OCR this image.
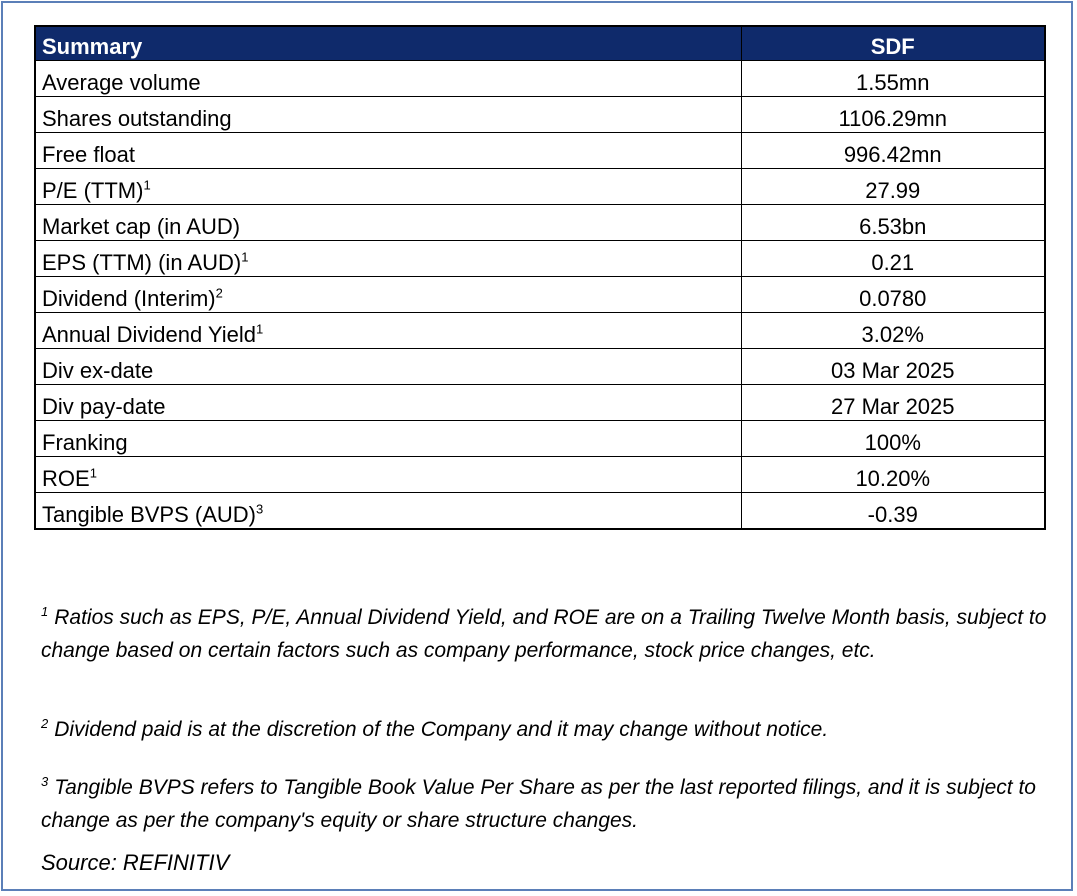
Summary	SDF
Average volume	1.55mn
Shares outstanding	1106.29mn
Free float	996.42mn
P/E (TTM)$^1$	27.99
Market cap (in AUD)	6.53bn
EPS (TTM) (in AUD)$^1$	0.21
Dividend (Interim)$^2$	0.0780
Annual Dividend Yield$^1$	3.02%
Div ex-date	03 Mar 2025
Div pay-date	27 Mar 2025
Franking	100%
ROE$^1$	10.20%
Tangible BVPS (AUD)$^3$	-0.39

$^1$ Ratios such as EPS, P/E, Annual Dividend Yield, and ROE are on a Trailing Twelve Month basis, subject to change based on certain factors such as company performance, stock price changes, etc.

$^2$ Dividend paid is at the discretion of the Company and it may change without notice.

$^3$ Tangible BVPS refers to Tangible Book Value Per Share as per the last reported filings, and it is subject to change as per the company's equity or share structure changes.

Source: REFINITIV
